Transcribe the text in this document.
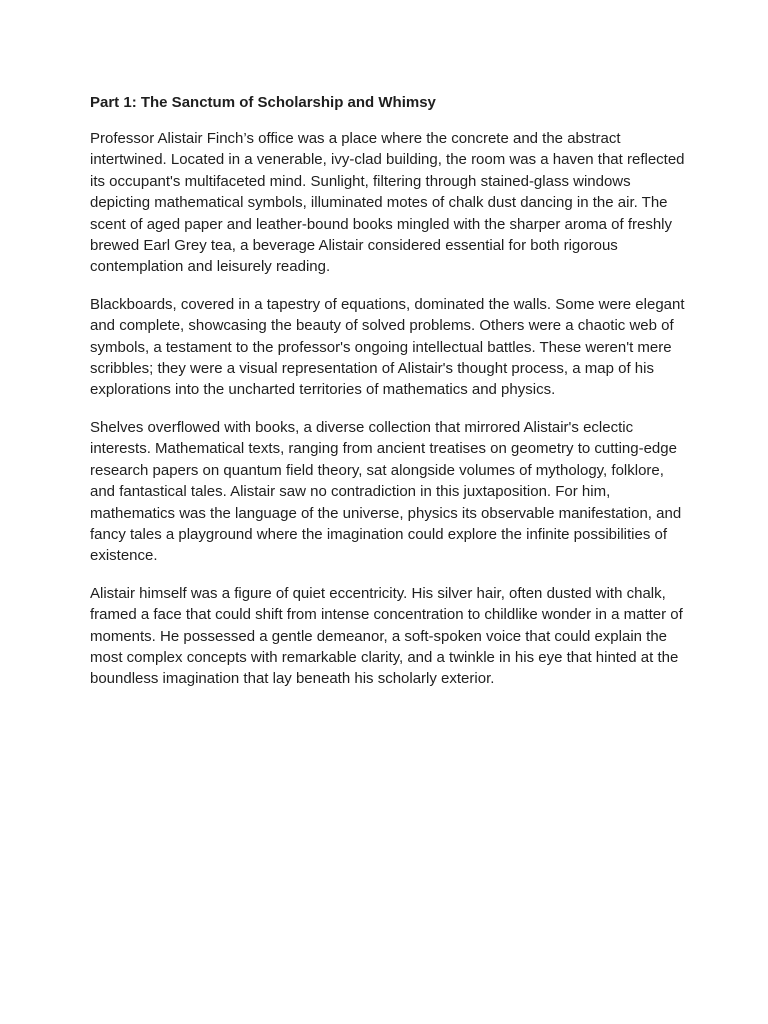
Part 1: The Sanctum of Scholarship and Whimsy

Professor Alistair Finch’s office was a place where the concrete and the abstract intertwined. Located in a venerable, ivy-clad building, the room was a haven that reflected its occupant's multifaceted mind. Sunlight, filtering through stained-glass windows depicting mathematical symbols, illuminated motes of chalk dust dancing in the air. The scent of aged paper and leather-bound books mingled with the sharper aroma of freshly brewed Earl Grey tea, a beverage Alistair considered essential for both rigorous contemplation and leisurely reading.

Blackboards, covered in a tapestry of equations, dominated the walls. Some were elegant and complete, showcasing the beauty of solved problems. Others were a chaotic web of symbols, a testament to the professor's ongoing intellectual battles. These weren't mere scribbles; they were a visual representation of Alistair's thought process, a map of his explorations into the uncharted territories of mathematics and physics.

Shelves overflowed with books, a diverse collection that mirrored Alistair's eclectic interests. Mathematical texts, ranging from ancient treatises on geometry to cutting-edge research papers on quantum field theory, sat alongside volumes of mythology, folklore, and fantastical tales. Alistair saw no contradiction in this juxtaposition. For him, mathematics was the language of the universe, physics its observable manifestation, and fancy tales a playground where the imagination could explore the infinite possibilities of existence.

Alistair himself was a figure of quiet eccentricity. His silver hair, often dusted with chalk, framed a face that could shift from intense concentration to childlike wonder in a matter of moments. He possessed a gentle demeanor, a soft-spoken voice that could explain the most complex concepts with remarkable clarity, and a twinkle in his eye that hinted at the boundless imagination that lay beneath his scholarly exterior.
